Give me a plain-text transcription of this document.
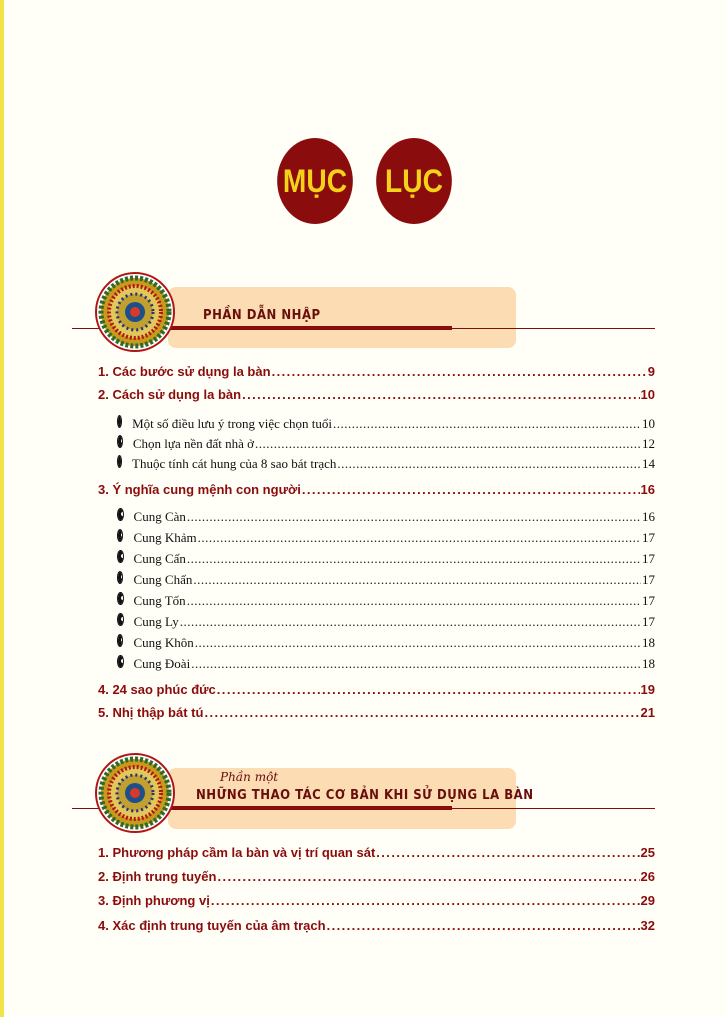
MỤC LỤC
PHẦN DẪN NHẬP
1. Các bước sử dụng la bàn .....	9
2. Cách sử dụng la bàn .....	10
Một số điều lưu ý trong việc chọn tuổi .....	10
Chọn lựa nền đất nhà ở .....	12
Thuộc tính cát hung của 8 sao bát trạch .....	14
3. Ý nghĩa cung mệnh con người .....	16
Cung Càn .....	16
Cung Khảm .....	17
Cung Cấn .....	17
Cung Chấn .....	17
Cung Tốn .....	17
Cung Ly .....	17
Cung Khôn .....	18
Cung Đoài .....	18
4. 24 sao phúc đức .....	19
5. Nhị thập bát tú .....	21
Phần một
NHỮNG THAO TÁC CƠ BẢN KHI SỬ DỤNG LA BÀN
1. Phương pháp cầm la bàn và vị trí quan sát .....	25
2. Định trung tuyến .....	26
3. Định phương vị .....	29
4. Xác định trung tuyến của âm trạch .....	32
